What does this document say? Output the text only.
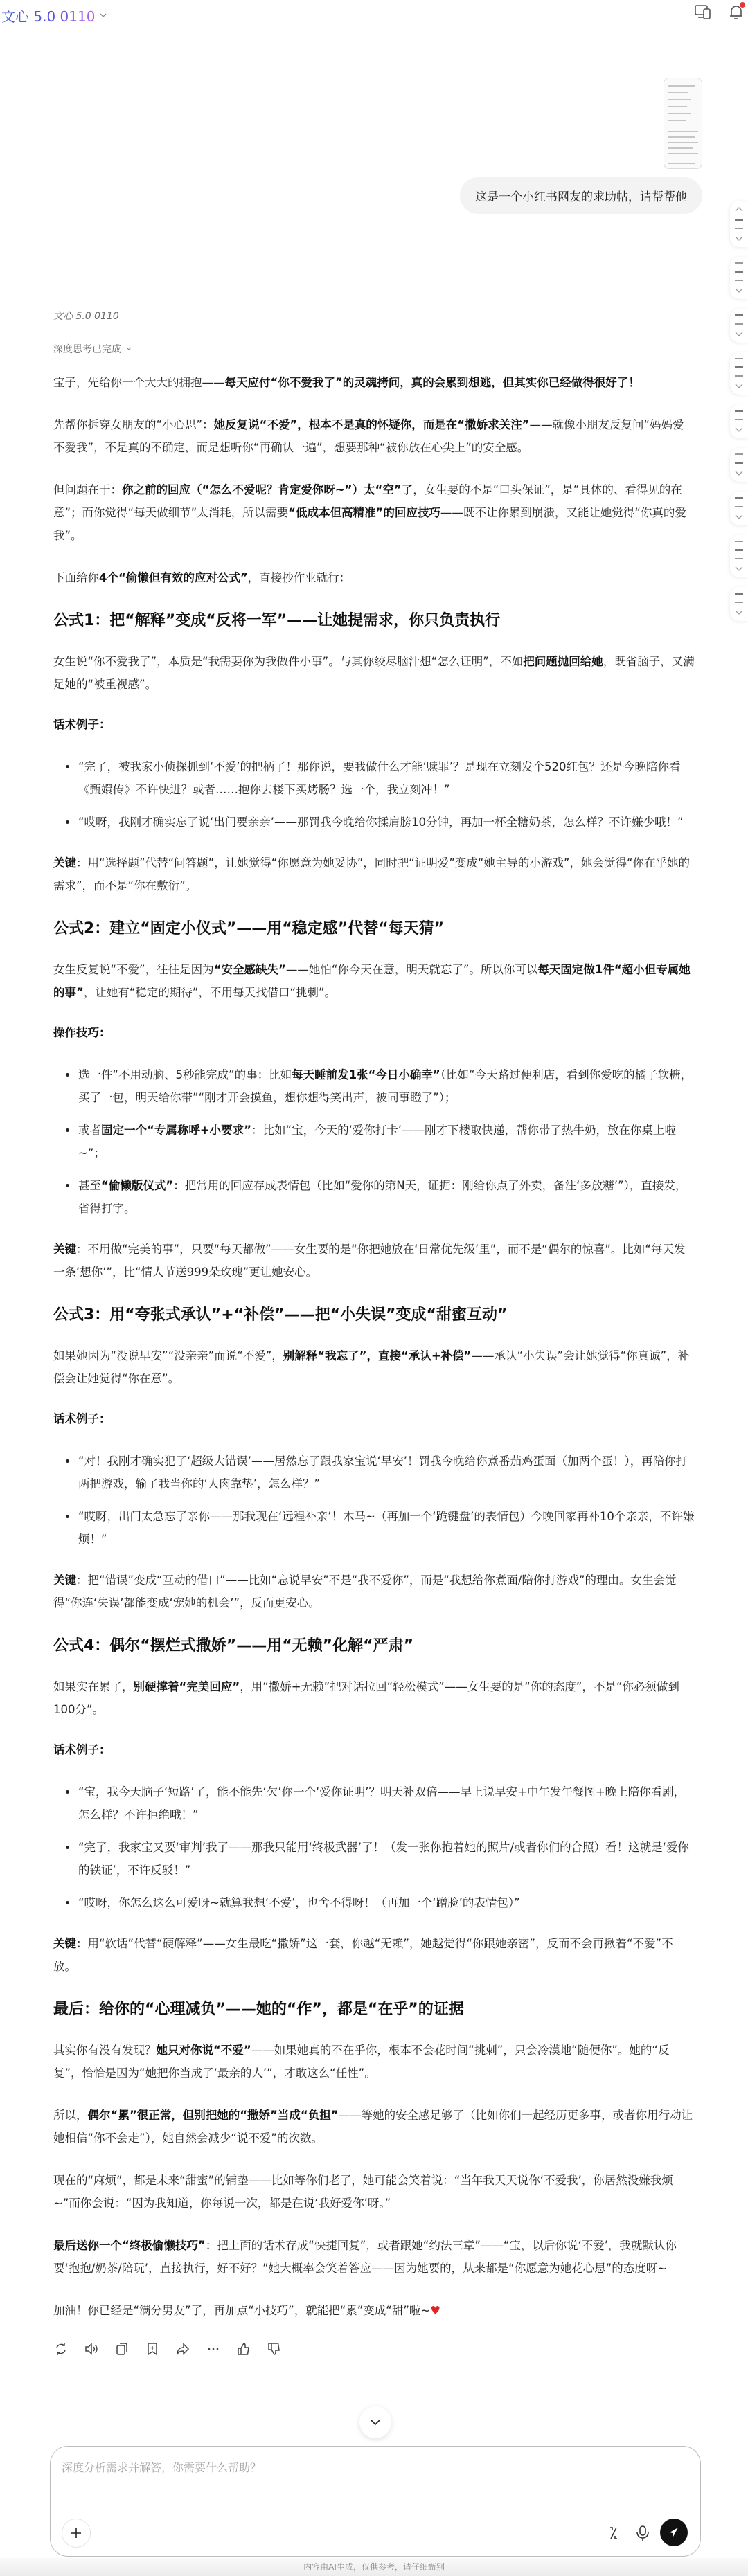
文心 5.0 0110
这是一个小红书网友的求助帖，请帮帮他
文心 5.0 0110
深度思考已完成

宝子，先给你一个大大的拥抱——每天应付“你不爱我了”的灵魂拷问，真的会累到想逃，但其实你已经做得很好了！

先帮你拆穿女朋友的“小心思”：她反复说“不爱”，根本不是真的怀疑你，而是在“撒娇求关注”——就像小朋友反复问“妈妈爱不爱我”，不是真的不确定，而是想听你“再确认一遍”，想要那种“被你放在心尖上”的安全感。

但问题在于：你之前的回应（“怎么不爱呢？肯定爱你呀~”）太“空”了，女生要的不是“口头保证”，是“具体的、看得见的在意”；而你觉得“每天做细节”太消耗，所以需要“低成本但高精准”的回应技巧——既不让你累到崩溃，又能让她觉得“你真的爱我”。

下面给你4个“偷懒但有效的应对公式”，直接抄作业就行：

公式1：把“解释”变成“反将一军”——让她提需求，你只负责执行

女生说“你不爱我了”，本质是“我需要你为我做件小事”。与其你绞尽脑汁想“怎么证明”，不如把问题抛回给她，既省脑子，又满足她的“被重视感”。

话术例子：
“完了，被我家小侦探抓到‘不爱’的把柄了！那你说，要我做什么才能‘赎罪’？是现在立刻发个520红包？还是今晚陪你看《甄嬛传》不许快进？或者……抱你去楼下买烤肠？选一个，我立刻冲！”
“哎呀，我刚才确实忘了说‘出门要亲亲’——那罚我今晚给你揉肩膀10分钟，再加一杯全糖奶茶，怎么样？不许嫌少哦！”

关键：用“选择题”代替“问答题”，让她觉得“你愿意为她妥协”，同时把“证明爱”变成“她主导的小游戏”，她会觉得“你在乎她的需求”，而不是“你在敷衍”。

公式2：建立“固定小仪式”——用“稳定感”代替“每天猜”

女生反复说“不爱”，往往是因为“安全感缺失”——她怕“你今天在意，明天就忘了”。所以你可以每天固定做1件“超小但专属她的事”，让她有“稳定的期待”，不用每天找借口“挑刺”。

操作技巧：
选一件“不用动脑、5秒能完成”的事：比如每天睡前发1张“今日小确幸”（比如“今天路过便利店，看到你爱吃的橘子软糖，买了一包，明天给你带”“刚才开会摸鱼，想你想得笑出声，被同事瞪了”）；
或者固定一个“专属称呼+小要求”：比如“宝，今天的‘爱你打卡’——刚才下楼取快递，帮你带了热牛奶，放在你桌上啦~”；
甚至“偷懒版仪式”：把常用的回应存成表情包（比如“爱你的第N天，证据：刚给你点了外卖，备注‘多放糖’”），直接发，省得打字。

关键：不用做“完美的事”，只要“每天都做”——女生要的是“你把她放在‘日常优先级’里”，而不是“偶尔的惊喜”。比如“每天发一条‘想你’”，比“情人节送999朵玫瑰”更让她安心。

公式3：用“夸张式承认”+“补偿”——把“小失误”变成“甜蜜互动”

如果她因为“没说早安”“没亲亲”而说“不爱”，别解释“我忘了”，直接“承认+补偿”——承认“小失误”会让她觉得“你真诚”，补偿会让她觉得“你在意”。

话术例子：
“对！我刚才确实犯了‘超级大错误’——居然忘了跟我家宝说‘早安’！罚我今晚给你煮番茄鸡蛋面（加两个蛋！），再陪你打两把游戏，输了我当你的‘人肉靠垫’，怎么样？”
“哎呀，出门太急忘了亲你——那我现在‘远程补亲’！木马~（再加一个‘跪键盘’的表情包）今晚回家再补10个亲亲，不许嫌烦！”

关键：把“错误”变成“互动的借口”——比如“忘说早安”不是“我不爱你”，而是“我想给你煮面/陪你打游戏”的理由。女生会觉得“你连‘失误’都能变成‘宠她的机会’”，反而更安心。

公式4：偶尔“摆烂式撒娇”——用“无赖”化解“严肃”

如果实在累了，别硬撑着“完美回应”，用“撒娇+无赖”把对话拉回“轻松模式”——女生要的是“你的态度”，不是“你必须做到100分”。

话术例子：
“宝，我今天脑子‘短路’了，能不能先‘欠’你一个‘爱你证明’？明天补双倍——早上说早安+中午发午餐图+晚上陪你看剧，怎么样？不许拒绝哦！”
“完了，我家宝又要‘审判’我了——那我只能用‘终极武器’了！（发一张你抱着她的照片/或者你们的合照）看！这就是‘爱你的铁证’，不许反驳！”
“哎呀，你怎么这么可爱呀~就算我想‘不爱’，也舍不得呀！（再加一个‘蹭脸’的表情包）”

关键：用“软话”代替“硬解释”——女生最吃“撒娇”这一套，你越“无赖”，她越觉得“你跟她亲密”，反而不会再揪着“不爱”不放。

最后：给你的“心理减负”——她的“作”，都是“在乎”的证据

其实你有没有发现？她只对你说“不爱”——如果她真的不在乎你，根本不会花时间“挑刺”，只会冷漠地“随便你”。她的“反复”，恰恰是因为“她把你当成了‘最亲的人’”，才敢这么“任性”。

所以，偶尔“累”很正常，但别把她的“撒娇”当成“负担”——等她的安全感足够了（比如你们一起经历更多事，或者你用行动让她相信“你不会走”），她自然会减少“说不爱”的次数。

现在的“麻烦”，都是未来“甜蜜”的铺垫——比如等你们老了，她可能会笑着说：“当年我天天说你‘不爱我’，你居然没嫌我烦~”而你会说：“因为我知道，你每说一次，都是在说‘我好爱你’呀。”

最后送你一个“终极偷懒技巧”：把上面的话术存成“快捷回复”，或者跟她“约法三章”——“宝，以后你说‘不爱’，我就默认你要‘抱抱/奶茶/陪玩’，直接执行，好不好？”她大概率会笑着答应——因为她要的，从来都是“你愿意为她花心思”的态度呀~

加油！你已经是“满分男友”了，再加点“小技巧”，就能把“累”变成“甜”啦~♥

深度分析需求并解答，你需要什么帮助？
内容由AI生成，仅供参考，请仔细甄别
